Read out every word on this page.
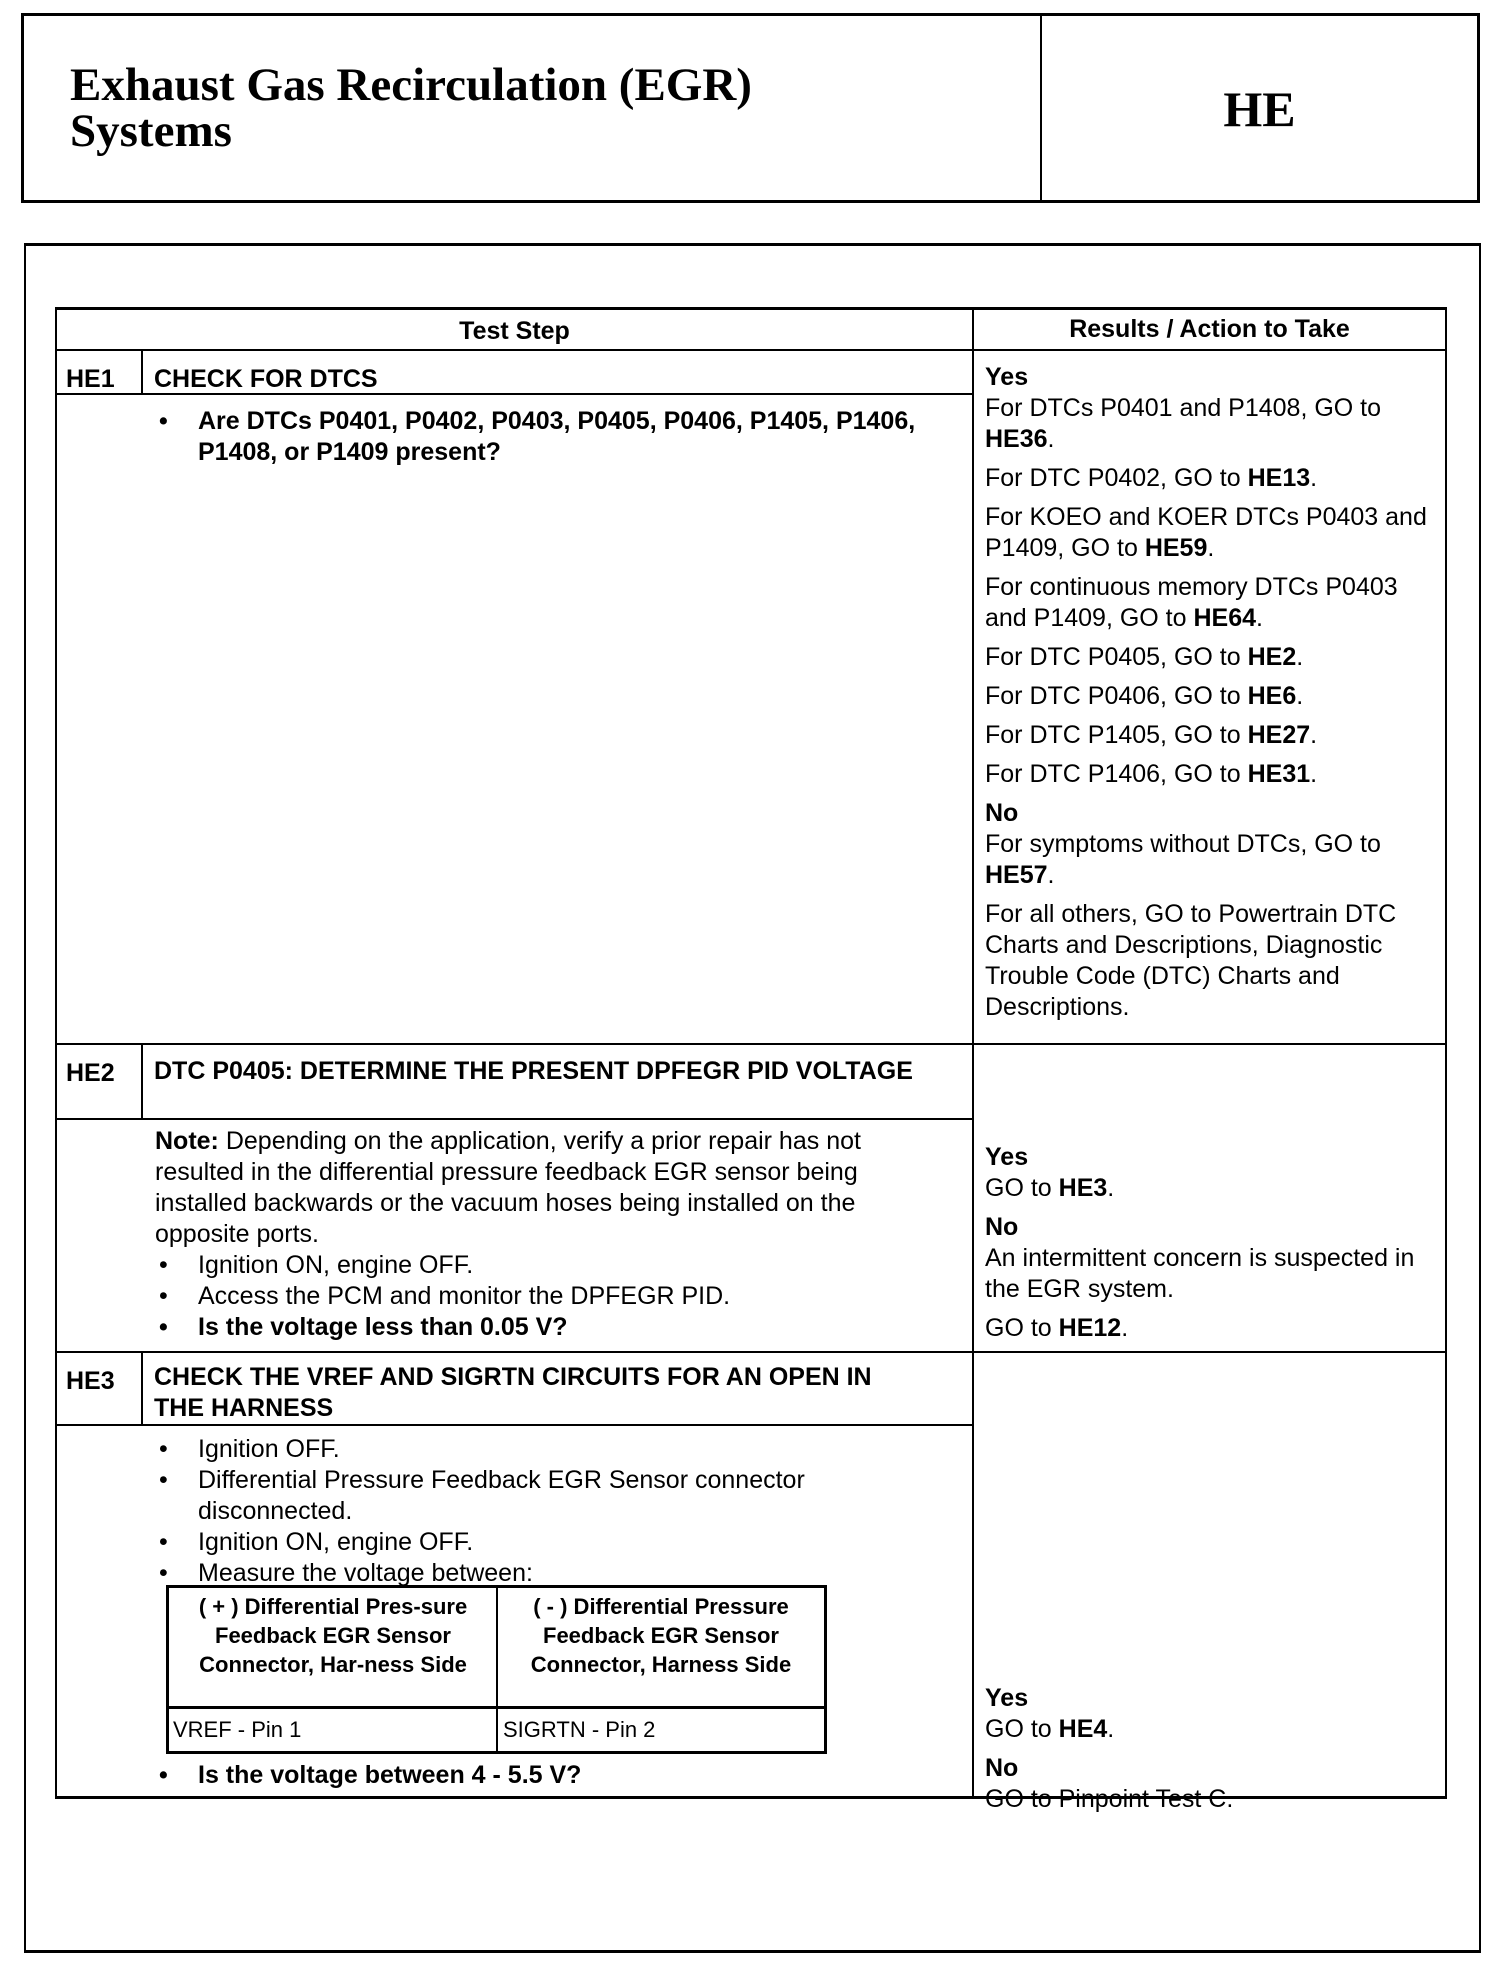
Exhaust Gas Recirculation (EGR)
Systems	HE
Test Step	Results / Action to Take
HE1 CHECK FOR DTCS
• Are DTCs P0401, P0402, P0403, P0405, P0406, P1405, P1406, P1408, or P1409 present?
Yes

For DTCs P0401 and P1408, GO to HE36.

For DTC P0402, GO to HE13.

For KOEO and KOER DTCs P0403 and P1409, GO to HE59.

For continuous memory DTCs P0403 and P1409, GO to HE64.

For DTC P0405, GO to HE2.

For DTC P0406, GO to HE6.

For DTC P1405, GO to HE27.

For DTC P1406, GO to HE31.

No

For symptoms without DTCs, GO to HE57.

For all others, GO to Powertrain DTC Charts and Descriptions, Diagnostic Trouble Code (DTC) Charts and Descriptions.

HE2 DTC P0405: DETERMINE THE PRESENT DPFEGR PID VOLTAGE
Note: Depending on the application, verify a prior repair has not resulted in the differential pressure feedback EGR sensor being installed backwards or the vacuum hoses being installed on the opposite ports.
• Ignition ON, engine OFF.
• Access the PCM and monitor the DPFEGR PID.
• Is the voltage less than 0.05 V?
Yes

GO to HE3.

No

An intermittent concern is suspected in the EGR system.

GO to HE12.

HE3 CHECK THE VREF AND SIGRTN CIRCUITS FOR AN OPEN IN THE HARNESS
• Ignition OFF.
• Differential Pressure Feedback EGR Sensor connector disconnected.
• Ignition ON, engine OFF.
• Measure the voltage between:
( + ) Differential Pres-sure Feedback EGR Sensor Connector, Har-ness Side
( - ) Differential Pressure Feedback EGR Sensor Connector, Harness Side
VREF - Pin 1	SIGRTN - Pin 2
• Is the voltage between 4 - 5.5 V?
Yes

GO to HE4.

No

GO to Pinpoint Test C.
